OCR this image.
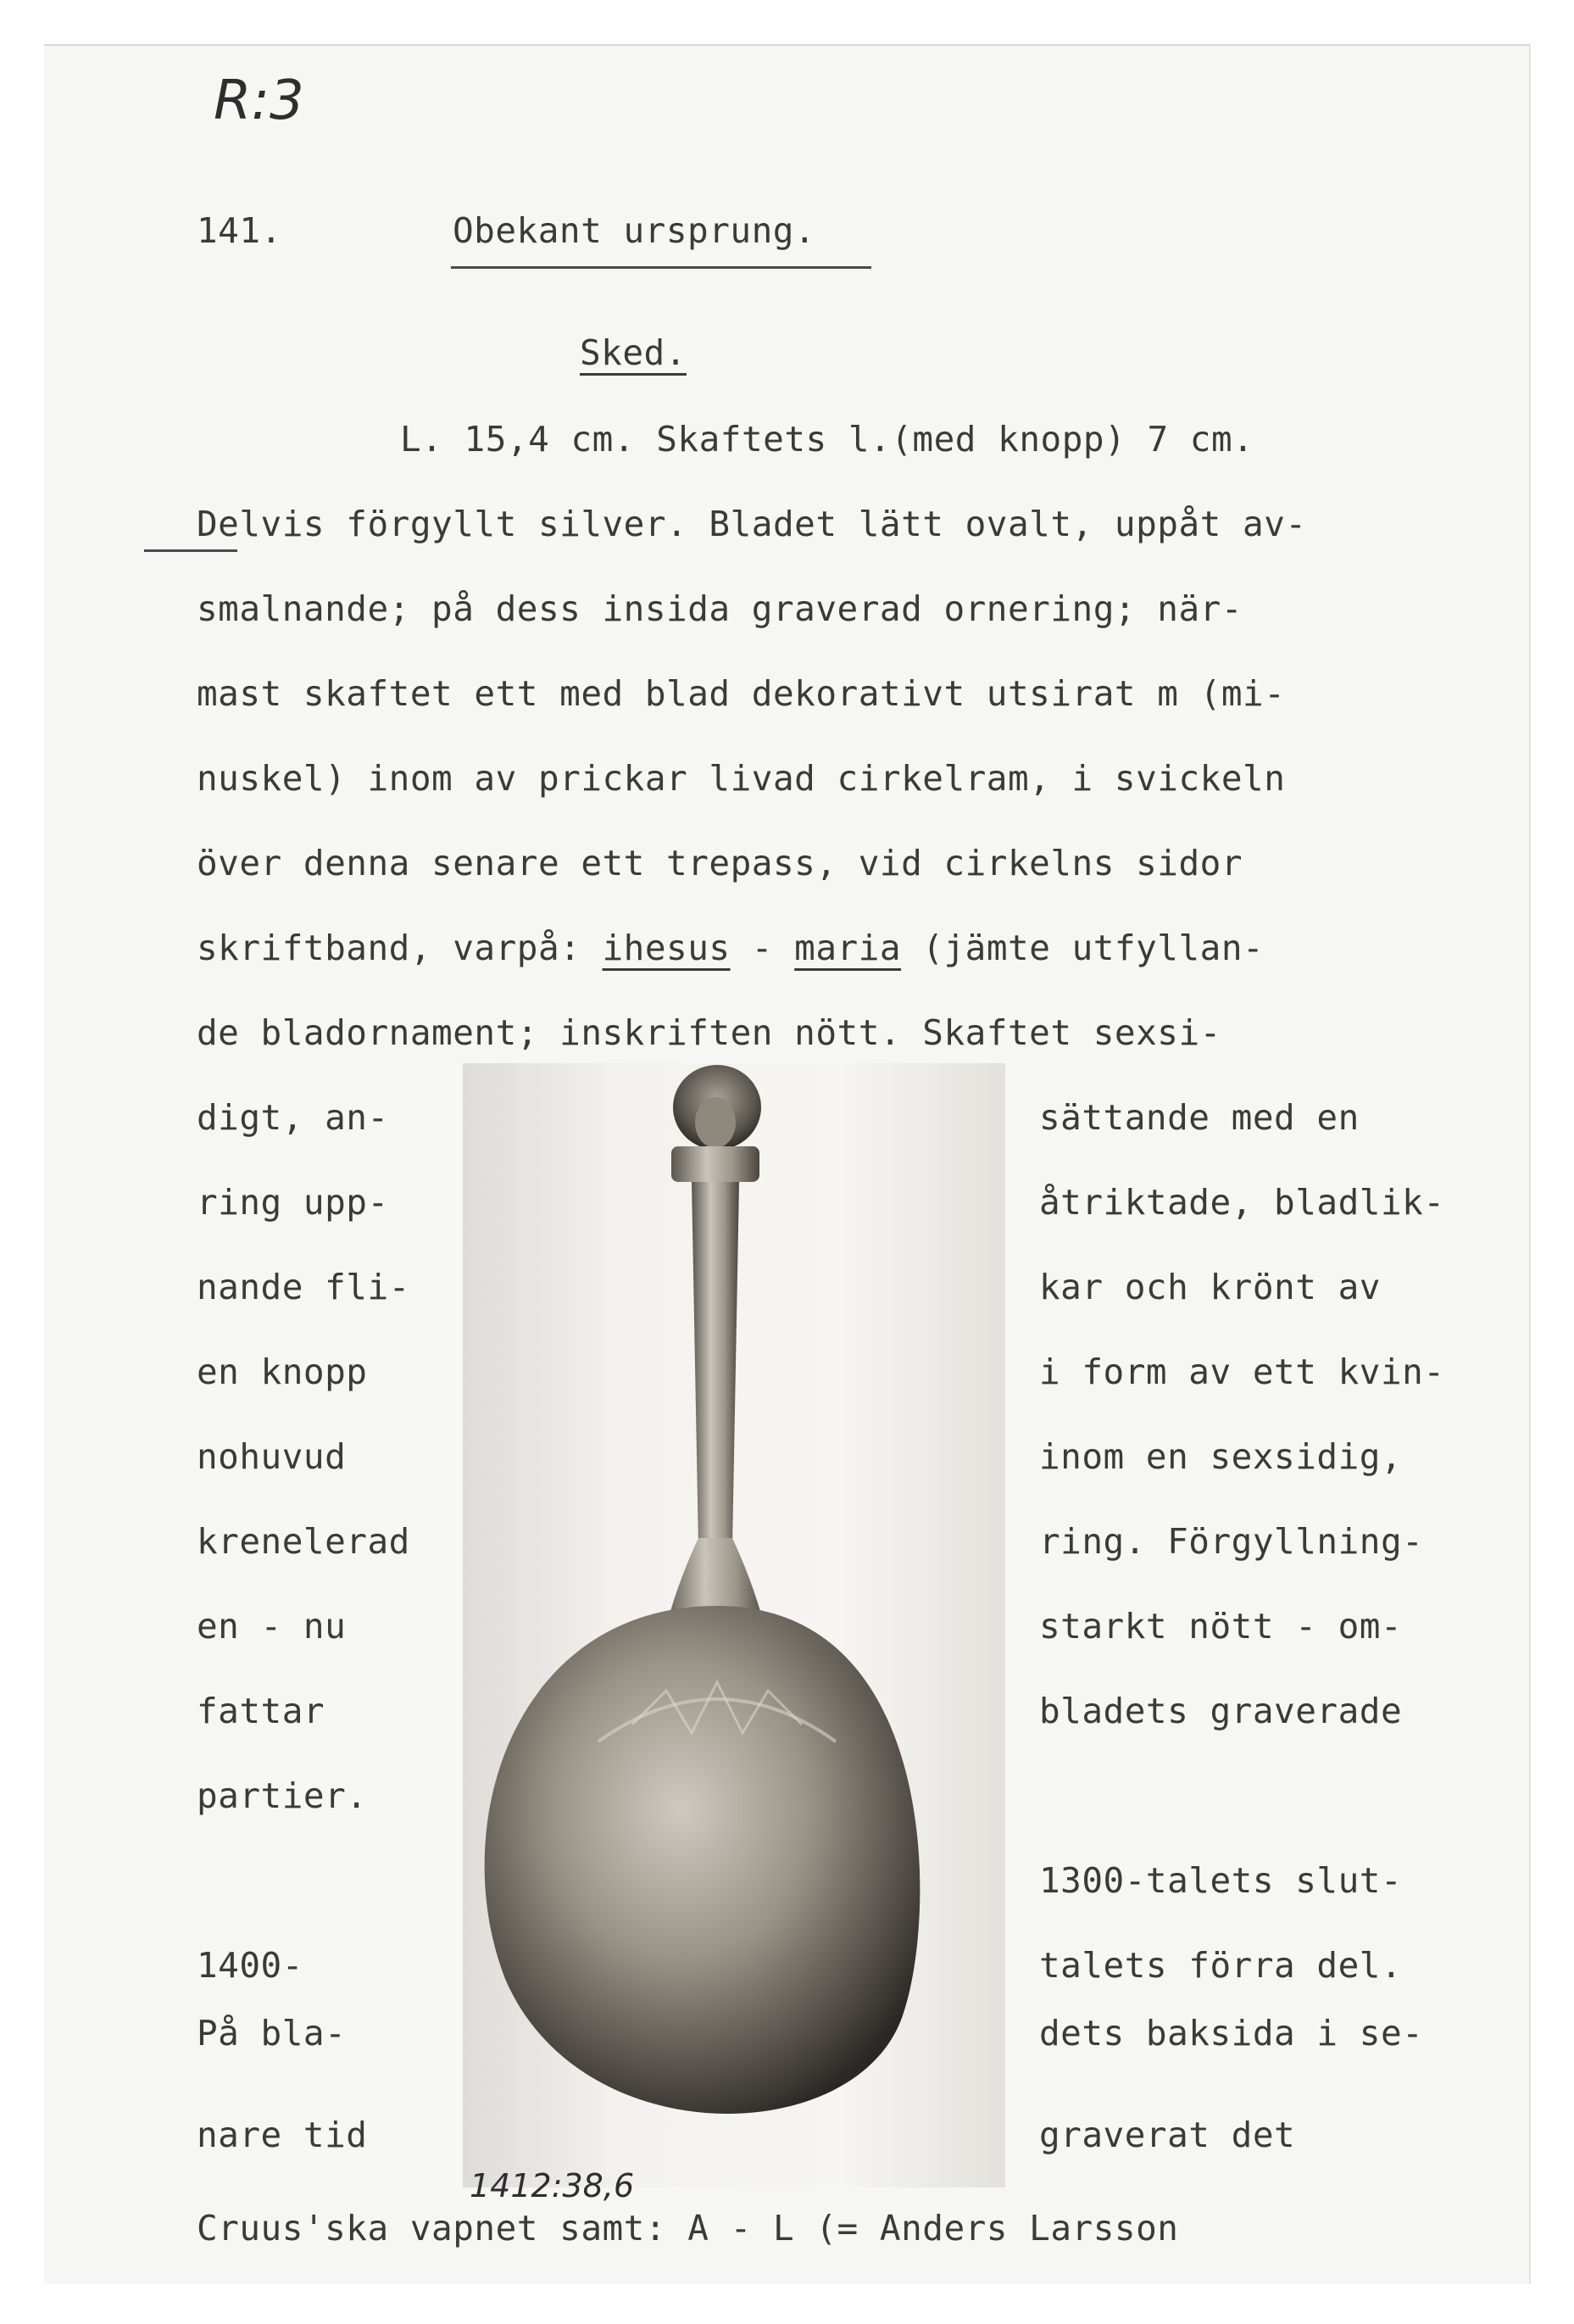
R:3
141.	Obekant ursprung.
Sked.
L. 15,4 cm. Skaftets l.(med knopp) 7 cm.
Delvis förgyllt silver. Bladet lätt ovalt, uppåt av-
smalnande; på dess insida graverad ornering; när-
mast skaftet ett med blad dekorativt utsirat m (mi-
nuskel) inom av prickar livad cirkelram, i svickeln
över denna senare ett trepass, vid cirkelns sidor
skriftband, varpå: ihesus - maria (jämte utfyllan-
de bladornament; inskriften nött. Skaftet sexsi-
digt, an-
ring upp-
nande fli-
en knopp
nohuvud
krenelerad
en - nu
fattar
partier.
sättande med en
åtriktade, bladlik-
kar och krönt av
i form av ett kvin-
inom en sexsidig,
ring. Förgyllning-
starkt nött - om-
bladets graverade
1300-talets slut-
1400-	talets förra del.
På bla-	dets baksida i se-
nare tid	graverat det
1412:38,6
Cruus'ska vapnet samt: A - L (= Anders Larsson
